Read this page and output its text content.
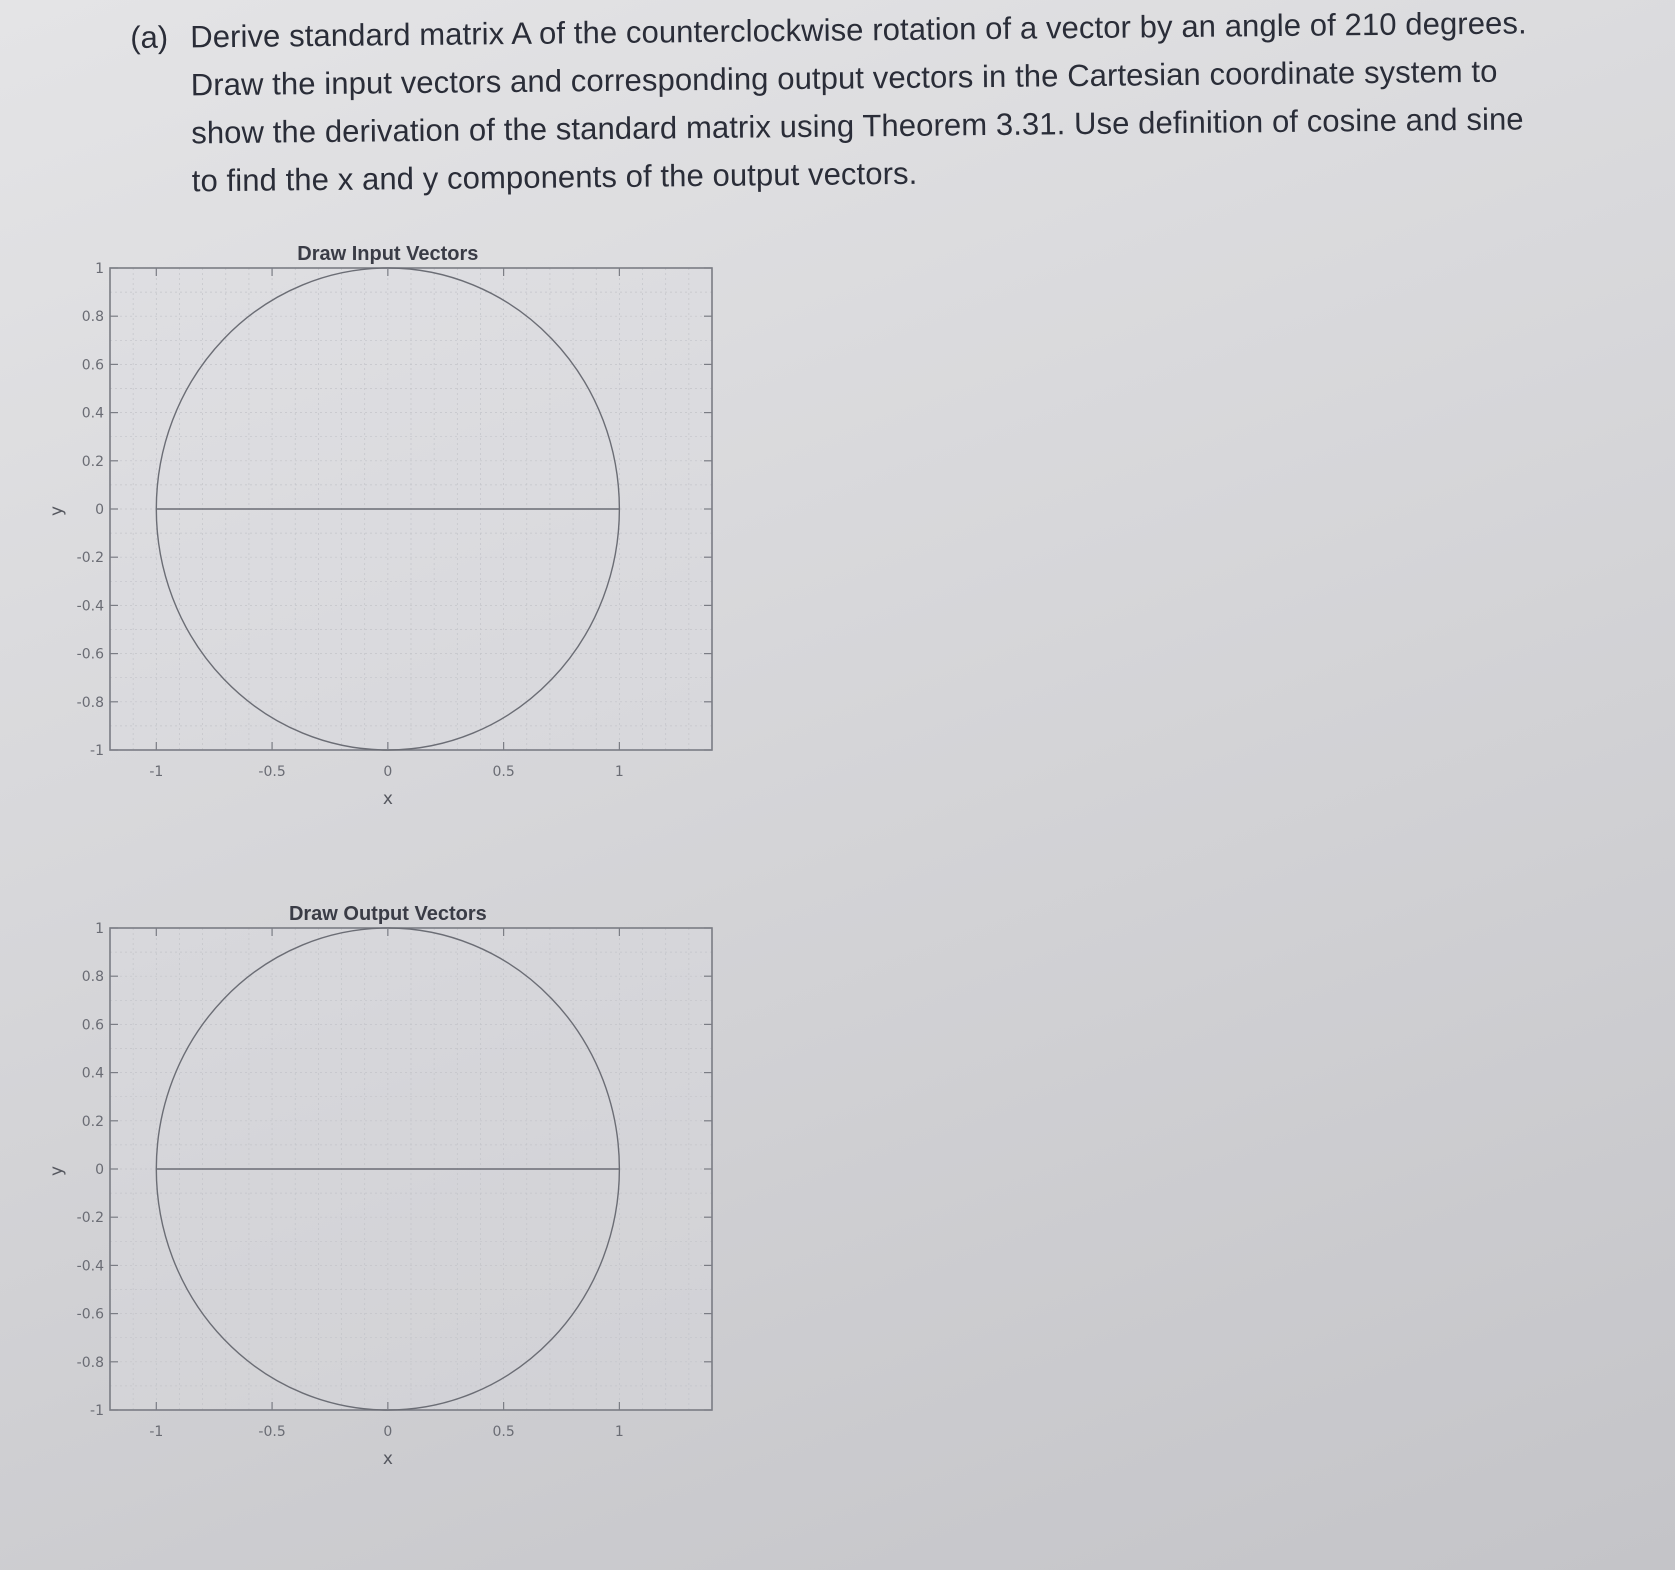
(a) Derive standard matrix A of the counterclockwise rotation of a vector by an angle of 210 degrees. Draw the input vectors and corresponding output vectors in the Cartesian coordinate system to show the derivation of the standard matrix using Theorem 3.31. Use definition of cosine and sine to find the x and y components of the output vectors.
1
0.8
0.6
0.4
0.2
0
-0.2
-0.4
-0.6
-0.8
-1
-1	-0.5	0	0.5	1
Draw Input Vectors
x
y
1
0.8
0.6
0.4
0.2
0
-0.2
-0.4
-0.6
-0.8
-1
-1	-0.5	0	0.5	1
Draw Output Vectors
x
y
